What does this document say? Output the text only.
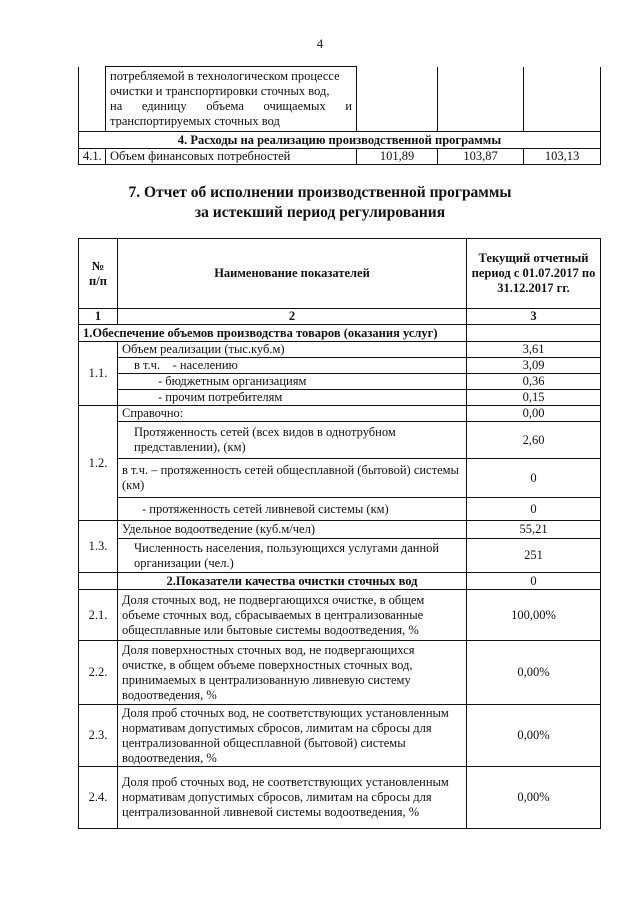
4

	потребляемой в технологическом процессе
очистки и транспортировки сточных вод,
на единицу объема очищаемых и
транспортируемых сточных вод			

4. Расходы на реализацию производственной программы				
4.1.	Объем финансовых потребностей	101,89	103,87	103,13
7. Отчет об исполнении производственной программы
за истекший период регулирования
№
п/п	Наименование показателей	Текущий отчетный период с 01.07.2017 по 31.12.2017 гг.
1	2	3
1.Обеспечение объемов производства товаров (оказания услуг)		
1.1.	Объем реализации (тыс.куб.м)	3,61
	в т.ч.    - населению	3,09
	- бюджетным организациям	0,36
	- прочим потребителям	0,15
1.2.	Справочно:	0,00
	Протяженность сетей (всех видов в однотрубном представлении), (км)	2,60
	в т.ч. – протяженность сетей общесплавной (бытовой) системы (км)	0
	- протяженность сетей ливневой системы (км)	0
1.3.	Удельное водоотведение (куб.м/чел)	55,21
	Численность населения, пользующихся услугами данной организации (чел.)	251
	2.Показатели качества очистки сточных вод	0
2.1.	Доля сточных вод, не подвергающихся очистке, в общем объеме сточных вод, сбрасываемых в централизованные общесплавные или бытовые системы водоотведения, %	100,00%
2.2.	Доля поверхностных сточных вод, не подвергающихся очистке, в общем объеме поверхностных сточных вод, принимаемых в централизованную ливневую систему водоотведения, %	0,00%
2.3.	Доля проб сточных вод, не соответствующих установленным нормативам допустимых сбросов, лимитам на сбросы для централизованной общесплавной (бытовой) системы водоотведения, %	0,00%
2.4.	Доля проб сточных вод, не соответствующих установленным нормативам допустимых сбросов, лимитам на сбросы для централизованной ливневой системы водоотведения, %	0,00%
